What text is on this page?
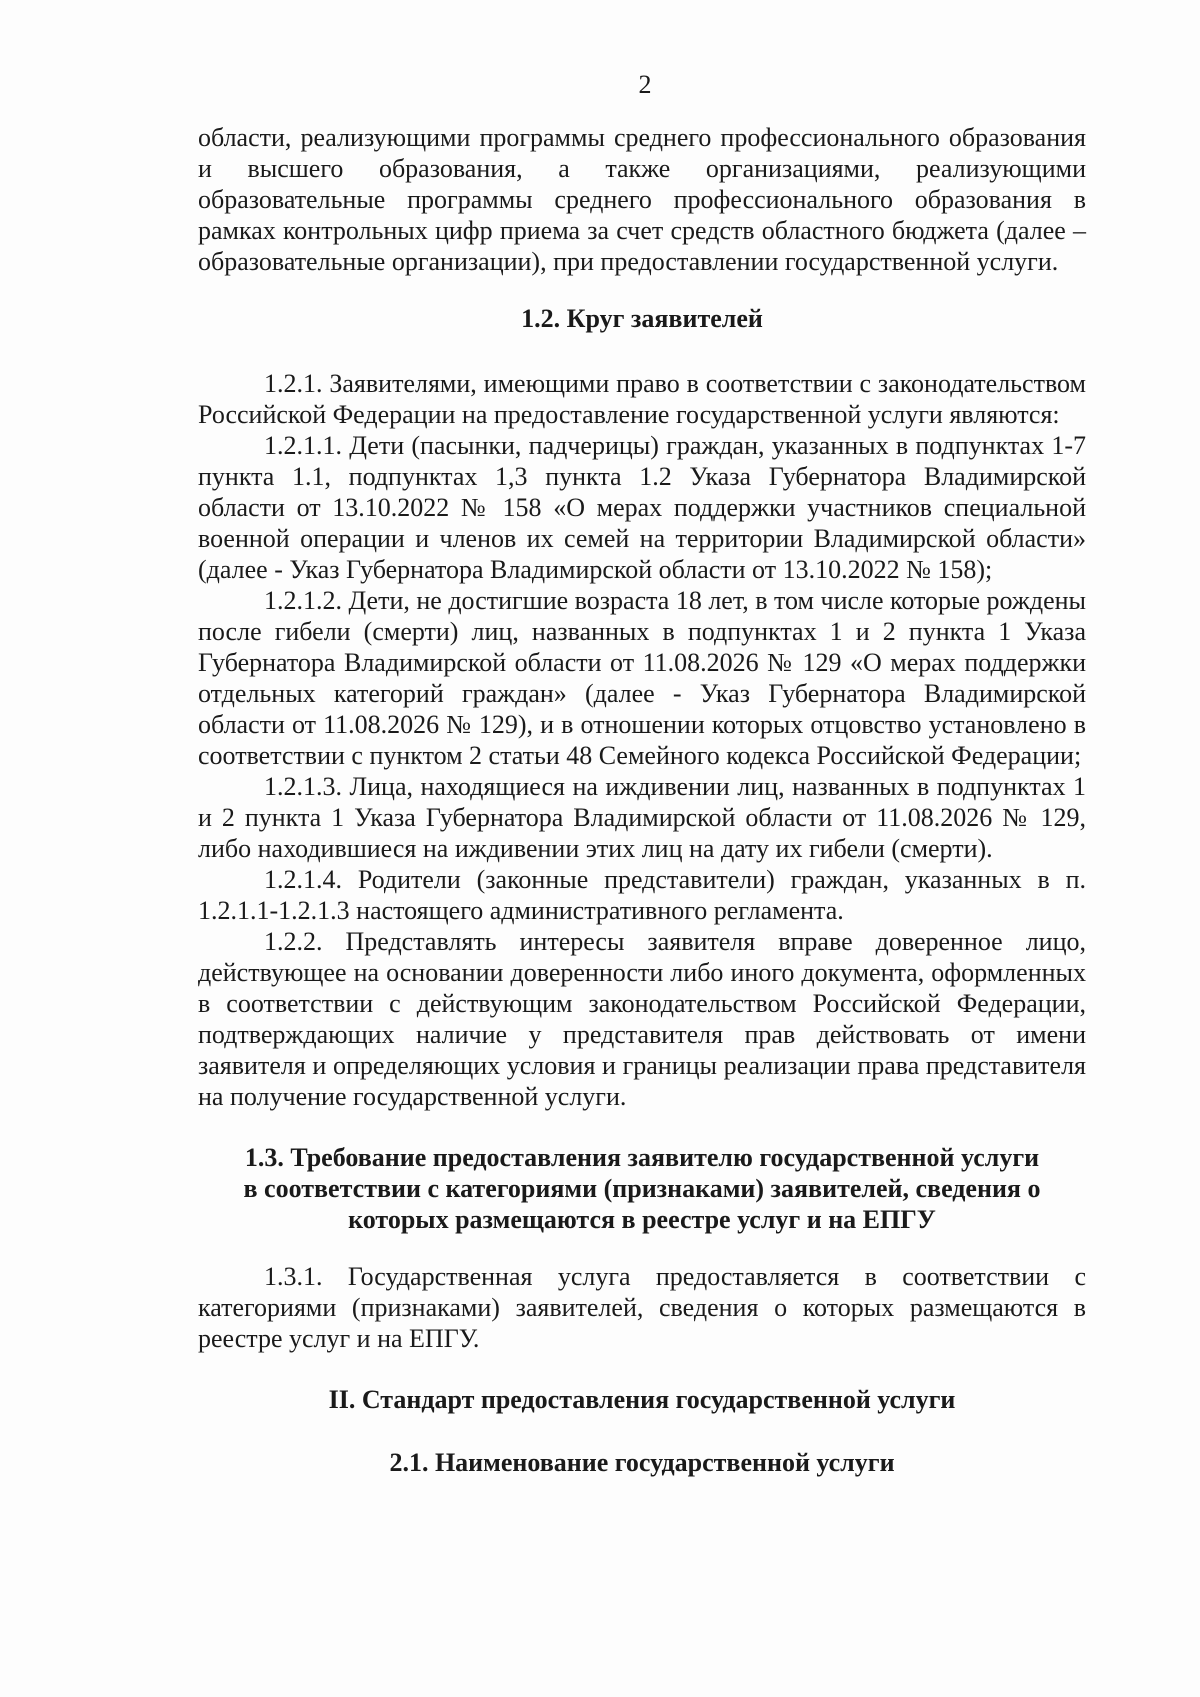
2

области, реализующими программы среднего профессионального образования и высшего образования, а также организациями, реализующими образовательные программы среднего профессионального образования в рамках контрольных цифр приема за счет средств областного бюджета (далее – образовательные организации), при предоставлении государственной услуги.

1.2. Круг заявителей

1.2.1. Заявителями, имеющими право в соответствии с законодательством Российской Федерации на предоставление государственной услуги являются:

1.2.1.1. Дети (пасынки, падчерицы) граждан, указанных в подпунктах 1-7 пункта 1.1, подпунктах 1,3 пункта 1.2 Указа Губернатора Владимирской области от 13.10.2022 № 158 «О мерах поддержки участников специальной военной операции и членов их семей на территории Владимирской области» (далее - Указ Губернатора Владимирской области от 13.10.2022 № 158);

1.2.1.2. Дети, не достигшие возраста 18 лет, в том числе которые рождены после гибели (смерти) лиц, названных в подпунктах 1 и 2 пункта 1 Указа Губернатора Владимирской области от 11.08.2026 № 129 «О мерах поддержки отдельных категорий граждан» (далее - Указ Губернатора Владимирской области от 11.08.2026 № 129), и в отношении которых отцовство установлено в соответствии с пунктом 2 статьи 48 Семейного кодекса Российской Федерации;

1.2.1.3. Лица, находящиеся на иждивении лиц, названных в подпунктах 1 и 2 пункта 1 Указа Губернатора Владимирской области от 11.08.2026 № 129, либо находившиеся на иждивении этих лиц на дату их гибели (смерти).

1.2.1.4. Родители (законные представители) граждан, указанных в п. 1.2.1.1-1.2.1.3 настоящего административного регламента.

1.2.2. Представлять интересы заявителя вправе доверенное лицо, действующее на основании доверенности либо иного документа, оформленных в соответствии с действующим законодательством Российской Федерации, подтверждающих наличие у представителя прав действовать от имени заявителя и определяющих условия и границы реализации права представителя на получение государственной услуги.

1.3. Требование предоставления заявителю государственной услуги
в соответствии с категориями (признаками) заявителей, сведения о
которых размещаются в реестре услуг и на ЕПГУ

1.3.1. Государственная услуга предоставляется в соответствии с категориями (признаками) заявителей, сведения о которых размещаются в реестре услуг и на ЕПГУ.

II. Стандарт предоставления государственной услуги
2.1. Наименование государственной услуги
